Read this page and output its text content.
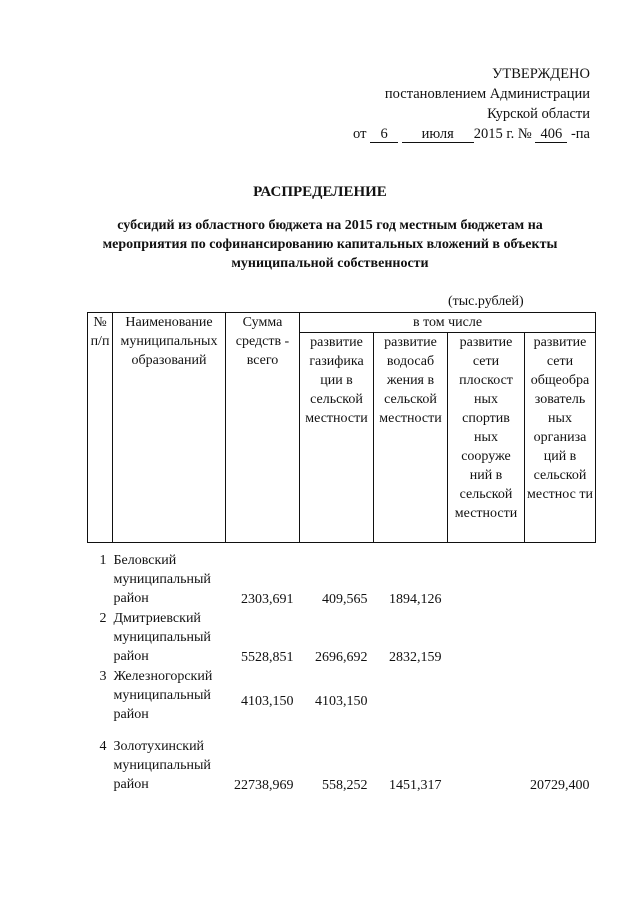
УТВЕРЖДЕНО
постановлением Администрации
Курской области
от 6 июля 2015 г. № 406 -па
РАСПРЕДЕЛЕНИЕ
субсидий из областного бюджета на 2015 год местным бюджетам на мероприятия по софинансированию капитальных вложений в объекты муниципальной собственности
(тыс.рублей)
№ п/п	Наименование муниципальных образований	Сумма средств - всего	в том числе			
			развитие газифика ции в сельской местности	развитие водосаб жения в сельской местности	развитие сети плоскост ных спортив ных сооруже ний в сельской местности	развитие сети общеобра зователь ных организа ций в сельской местнос ти

1	Беловский муниципальный район	2303,691	409,565	1894,126		
2	Дмитриевский муниципальный район	5528,851	2696,692	2832,159		
3	Железногорский муниципальный район	4103,150	4103,150			
4	Золотухинский муниципальный район	22738,969	558,252	1451,317		20729,400
